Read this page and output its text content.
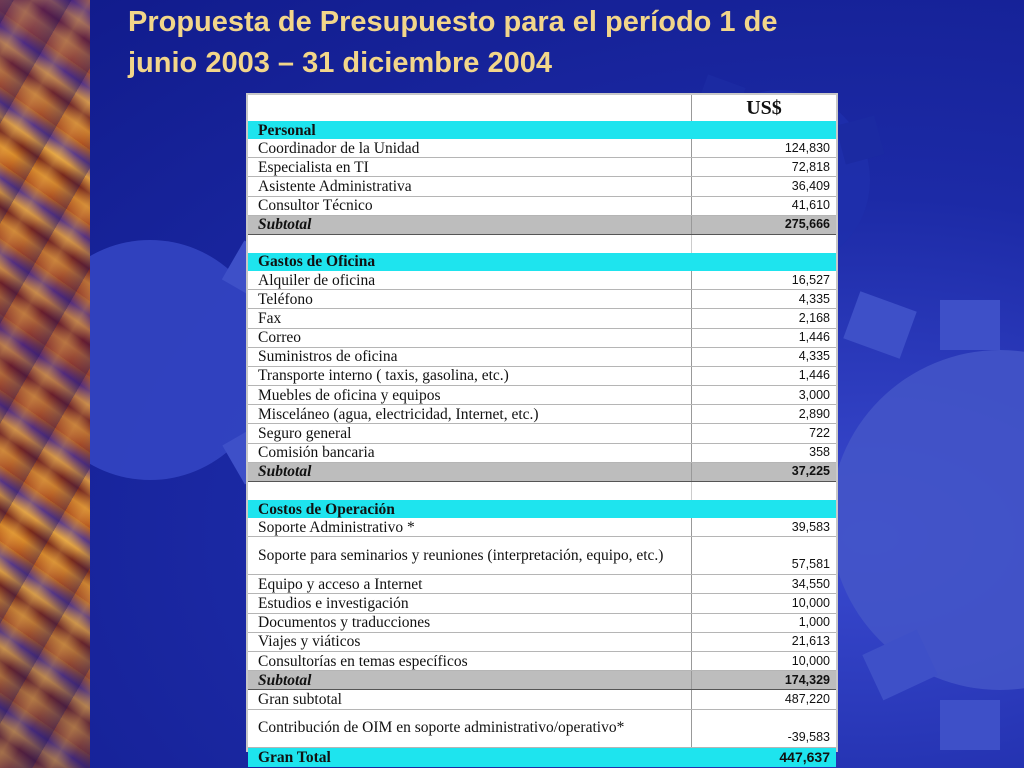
Propuesta de Presupuesto para el período 1 de
junio 2003 – 31 diciembre 2004
	US$
Personal	
Coordinador de la Unidad	124,830
Especialista en TI	72,818
Asistente Administrativa	36,409
Consultor Técnico	41,610
Subtotal	275,666

Gastos de Oficina	
Alquiler de oficina	16,527
Teléfono	4,335
Fax	2,168
Correo	1,446
Suministros de oficina	4,335
Transporte interno ( taxis, gasolina, etc.)	1,446
Muebles de oficina y equipos	3,000
Misceláneo (agua, electricidad, Internet, etc.)	2,890
Seguro general	722
Comisión bancaria	358
Subtotal	37,225

Costos de Operación	
Soporte Administrativo *	39,583
Soporte para seminarios y reuniones (interpretación, equipo, etc.)	57,581
Equipo y acceso a Internet	34,550
Estudios e investigación	10,000
Documentos y traducciones	1,000
Viajes y viáticos	21,613
Consultorías en temas específicos	10,000
Subtotal	174,329
Gran subtotal	487,220
Contribución de OIM en soporte administrativo/operativo*	-39,583
Gran Total	447,637
